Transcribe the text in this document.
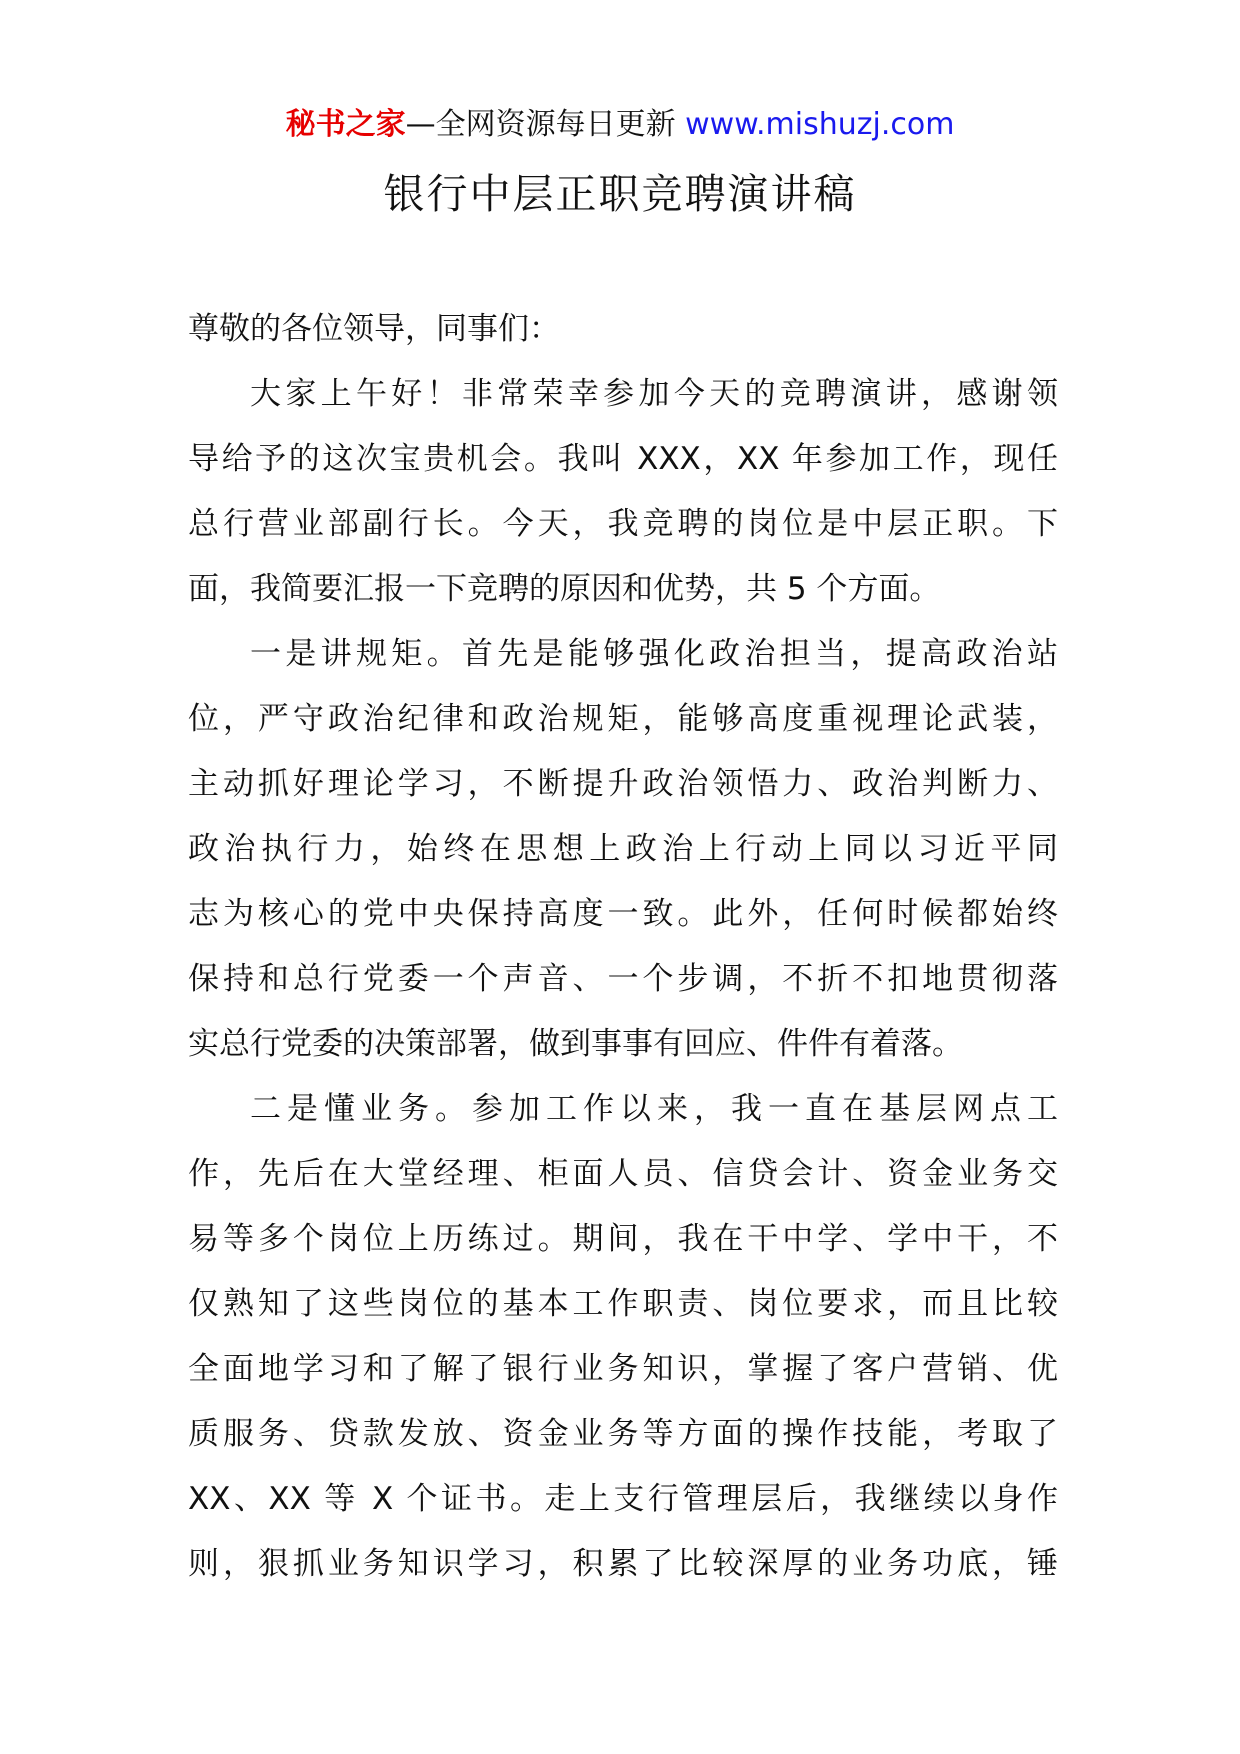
秘书之家—全网资源每日更新 www.mishuzj.com
银行中层正职竞聘演讲稿
尊敬的各位领导，同事们：
大家上午好！非常荣幸参加今天的竞聘演讲，感谢领
导给予的这次宝贵机会。我叫 XXX，XX 年参加工作，现任
总行营业部副行长。今天，我竞聘的岗位是中层正职。下
面，我简要汇报一下竞聘的原因和优势，共 5 个方面。
一是讲规矩。首先是能够强化政治担当，提高政治站
位，严守政治纪律和政治规矩，能够高度重视理论武装，
主动抓好理论学习，不断提升政治领悟力、政治判断力、
政治执行力，始终在思想上政治上行动上同以习近平同
志为核心的党中央保持高度一致。此外，任何时候都始终
保持和总行党委一个声音、一个步调，不折不扣地贯彻落
实总行党委的决策部署，做到事事有回应、件件有着落。
二是懂业务。参加工作以来，我一直在基层网点工
作，先后在大堂经理、柜面人员、信贷会计、资金业务交
易等多个岗位上历练过。期间，我在干中学、学中干，不
仅熟知了这些岗位的基本工作职责、岗位要求，而且比较
全面地学习和了解了银行业务知识，掌握了客户营销、优
质服务、贷款发放、资金业务等方面的操作技能，考取了
XX、XX 等 X 个证书。走上支行管理层后，我继续以身作
则，狠抓业务知识学习，积累了比较深厚的业务功底，锤
